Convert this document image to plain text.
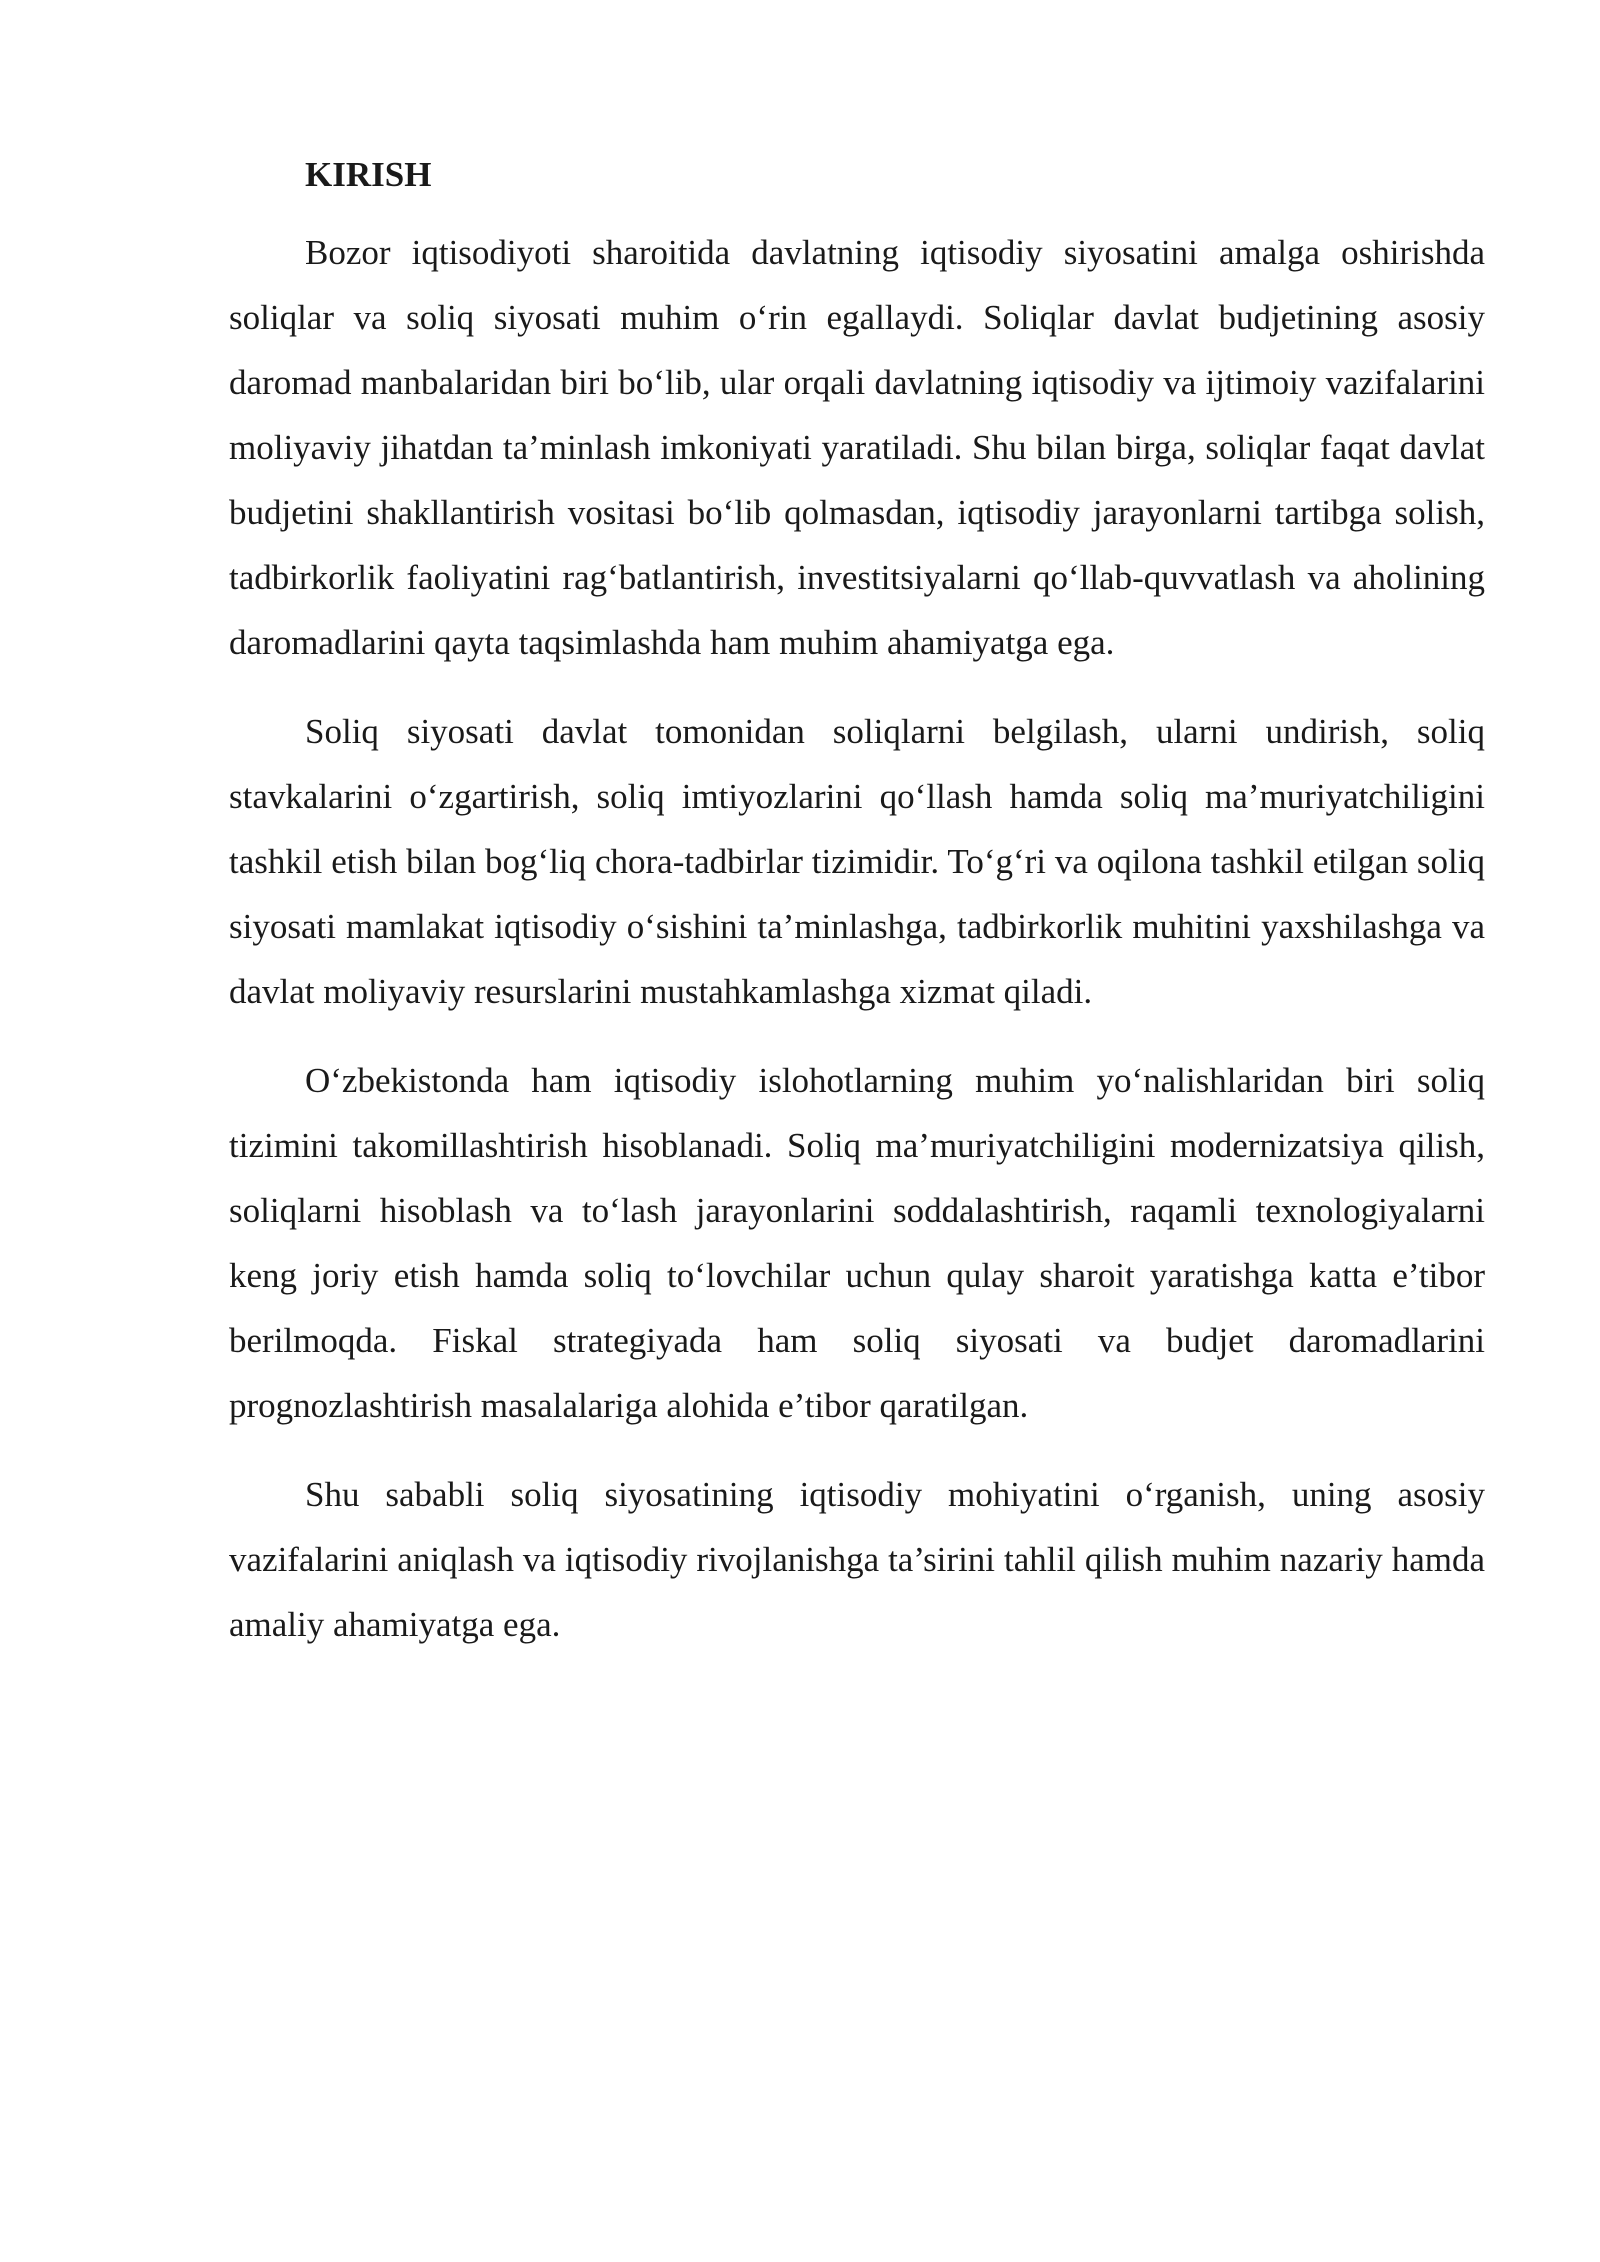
KIRISH

Bozor iqtisodiyoti sharoitida davlatning iqtisodiy siyosatini amalga oshirishda soliqlar va soliq siyosati muhim o‘rin egallaydi. Soliqlar davlat budjetining asosiy daromad manbalaridan biri bo‘lib, ular orqali davlatning iqtisodiy va ijtimoiy vazifalarini moliyaviy jihatdan ta’minlash imkoniyati yaratiladi. Shu bilan birga, soliqlar faqat davlat budjetini shakllantirish vositasi bo‘lib qolmasdan, iqtisodiy jarayonlarni tartibga solish, tadbirkorlik faoliyatini rag‘batlantirish, investitsiyalarni qo‘llab-quvvatlash va aholining daromadlarini qayta taqsimlashda ham muhim ahamiyatga ega.

Soliq siyosati davlat tomonidan soliqlarni belgilash, ularni undirish, soliq stavkalarini o‘zgartirish, soliq imtiyozlarini qo‘llash hamda soliq ma’muriyatchiligini tashkil etish bilan bog‘liq chora-tadbirlar tizimidir. To‘g‘ri va oqilona tashkil etilgan soliq siyosati mamlakat iqtisodiy o‘sishini ta’minlashga, tadbirkorlik muhitini yaxshilashga va davlat moliyaviy resurslarini mustahkamlashga xizmat qiladi.

O‘zbekistonda ham iqtisodiy islohotlarning muhim yo‘nalishlaridan biri soliq tizimini takomillashtirish hisoblanadi. Soliq ma’muriyatchiligini modernizatsiya qilish, soliqlarni hisoblash va to‘lash jarayonlarini soddalashtirish, raqamli texnologiyalarni keng joriy etish hamda soliq to‘lovchilar uchun qulay sharoit yaratishga katta e’tibor berilmoqda. Fiskal strategiyada ham soliq siyosati va budjet daromadlarini prognozlashtirish masalalariga alohida e’tibor qaratilgan.

Shu sababli soliq siyosatining iqtisodiy mohiyatini o‘rganish, uning asosiy vazifalarini aniqlash va iqtisodiy rivojlanishga ta’sirini tahlil qilish muhim nazariy hamda amaliy ahamiyatga ega.
